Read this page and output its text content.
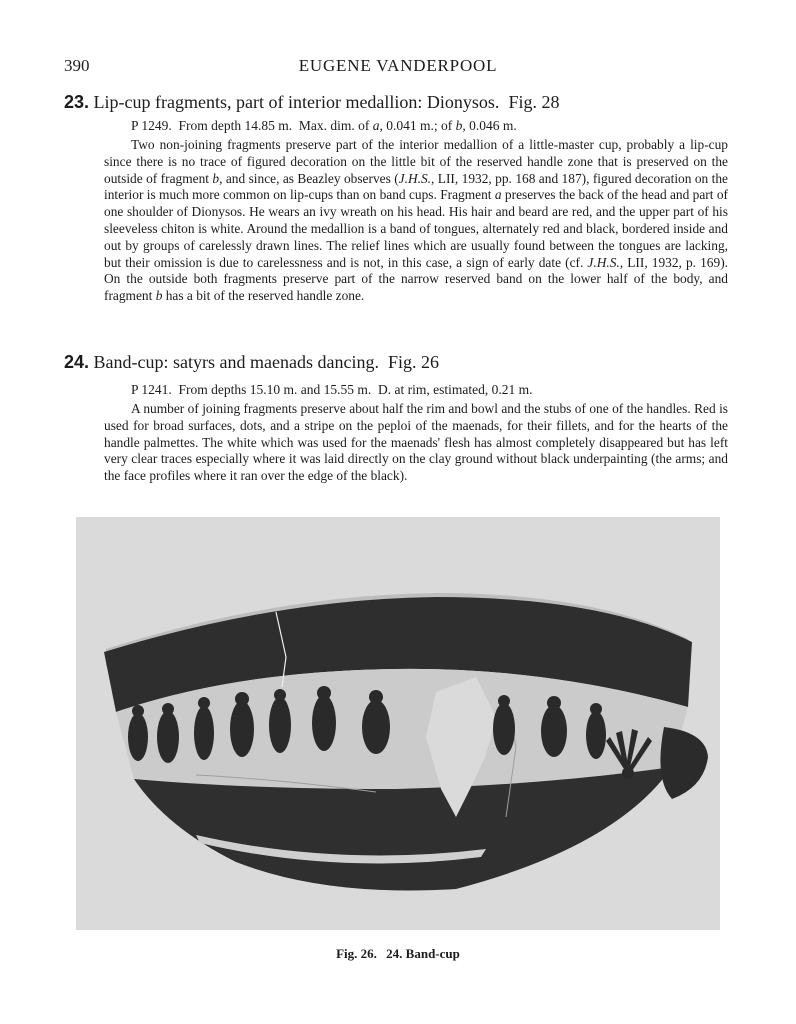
390	EUGENE VANDERPOOL
23. Lip-cup fragments, part of interior medallion: Dionysos. Fig. 28
P 1249. From depth 14.85 m. Max. dim. of a, 0.041 m.; of b, 0.046 m.

Two non-joining fragments preserve part of the interior medallion of a little-master cup, probably a lip-cup since there is no trace of figured decoration on the little bit of the reserved handle zone that is preserved on the outside of fragment b, and since, as Beazley observes (J.H.S., LII, 1932, pp. 168 and 187), figured decoration on the interior is much more common on lip-cups than on band cups. Fragment a preserves the back of the head and part of one shoulder of Dionysos. He wears an ivy wreath on his head. His hair and beard are red, and the upper part of his sleeveless chiton is white. Around the medallion is a band of tongues, alternately red and black, bordered inside and out by groups of carelessly drawn lines. The relief lines which are usually found between the tongues are lacking, but their omission is due to carelessness and is not, in this case, a sign of early date (cf. J.H.S., LII, 1932, p. 169). On the outside both fragments preserve part of the narrow reserved band on the lower half of the body, and fragment b has a bit of the reserved handle zone.

24. Band-cup: satyrs and maenads dancing. Fig. 26
P 1241. From depths 15.10 m. and 15.55 m. D. at rim, estimated, 0.21 m.

A number of joining fragments preserve about half the rim and bowl and the stubs of one of the handles. Red is used for broad surfaces, dots, and a stripe on the peploi of the maenads, for their fillets, and for the hearts of the handle palmettes. The white which was used for the maenads' flesh has almost completely disappeared but has left very clear traces especially where it was laid directly on the clay ground without black underpainting (the arms; and the face profiles where it ran over the edge of the black).

Fig. 26. 24. Band-cup
